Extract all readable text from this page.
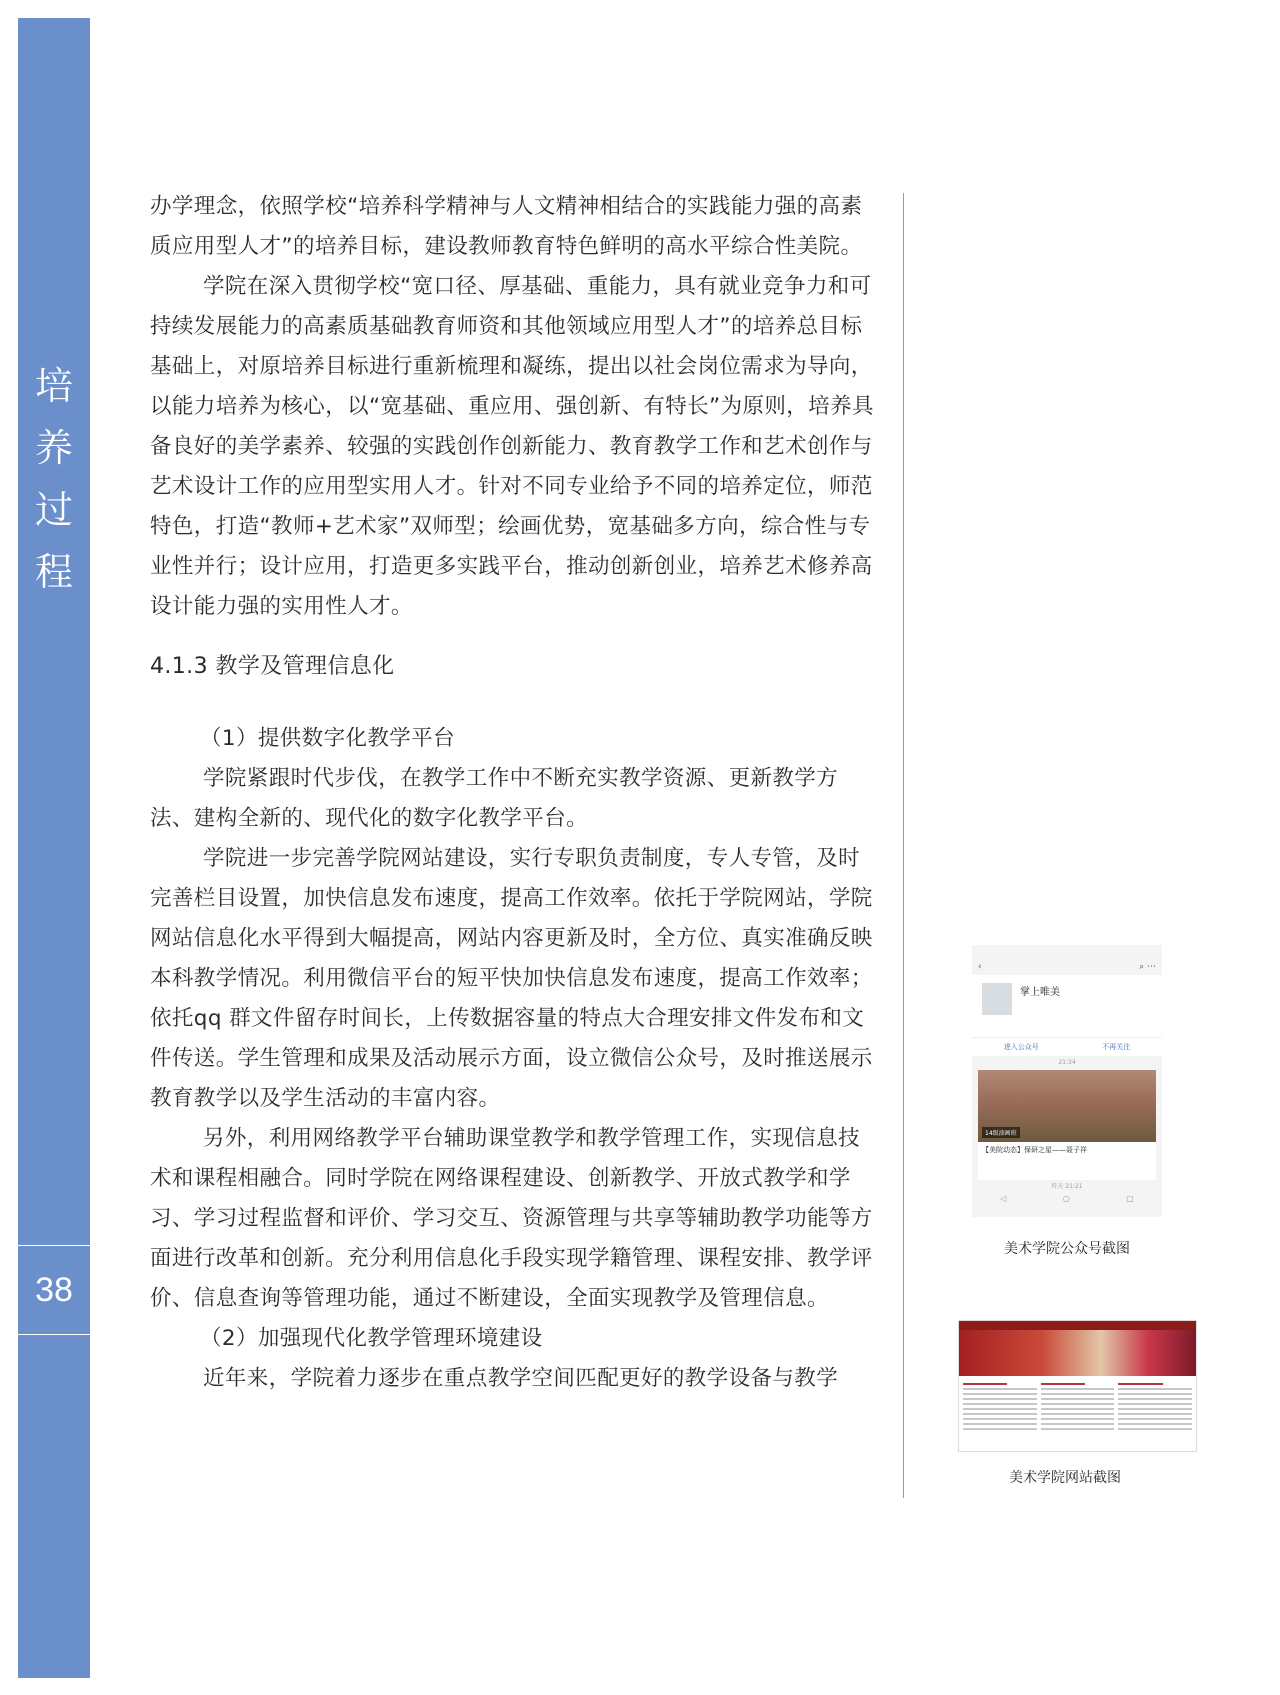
培
养
过
程
38

办学理念，依照学校“培养科学精神与人文精神相结合的实践能力强的高素质应用型人才”的培养目标，建设教师教育特色鲜明的高水平综合性美院。

学院在深入贯彻学校“宽口径、厚基础、重能力，具有就业竞争力和可持续发展能力的高素质基础教育师资和其他领域应用型人才”的培养总目标基础上，对原培养目标进行重新梳理和凝练，提出以社会岗位需求为导向，以能力培养为核心，以“宽基础、重应用、强创新、有特长”为原则，培养具备良好的美学素养、较强的实践创作创新能力、教育教学工作和艺术创作与艺术设计工作的应用型实用人才。针对不同专业给予不同的培养定位，师范特色，打造“教师+艺术家”双师型；绘画优势，宽基础多方向，综合性与专业性并行；设计应用，打造更多实践平台，推动创新创业，培养艺术修养高设计能力强的实用性人才。

4.1.3 教学及管理信息化

（1）提供数字化教学平台

学院紧跟时代步伐，在教学工作中不断充实教学资源、更新教学方法、建构全新的、现代化的数字化教学平台。

学院进一步完善学院网站建设，实行专职负责制度，专人专管，及时完善栏目设置，加快信息发布速度，提高工作效率。依托于学院网站，学院网站信息化水平得到大幅提高，网站内容更新及时，全方位、真实准确反映本科教学情况。利用微信平台的短平快加快信息发布速度，提高工作效率；依托qq 群文件留存时间长，上传数据容量的特点大合理安排文件发布和文件传送。学生管理和成果及活动展示方面，设立微信公众号，及时推送展示教育教学以及学生活动的丰富内容。

另外，利用网络教学平台辅助课堂教学和教学管理工作，实现信息技术和课程相融合。同时学院在网络课程建设、创新教学、开放式教学和学习、学习过程监督和评价、学习交互、资源管理与共享等辅助教学功能等方面进行改革和创新。充分利用信息化手段实现学籍管理、课程安排、教学评价、信息查询等管理功能，通过不断建设，全面实现教学及管理信息。

（2）加强现代化教学管理环境建设

近年来，学院着力逐步在重点教学空间匹配更好的教学设备与教学

‹	⌕ ⋯
掌上唯美
进入公众号	不再关注
21:34
14级油画班
【美院动态】保研之星——聂子祥
昨天 21:21
◁	○	□
美术学院公众号截图
美术学院网站截图
